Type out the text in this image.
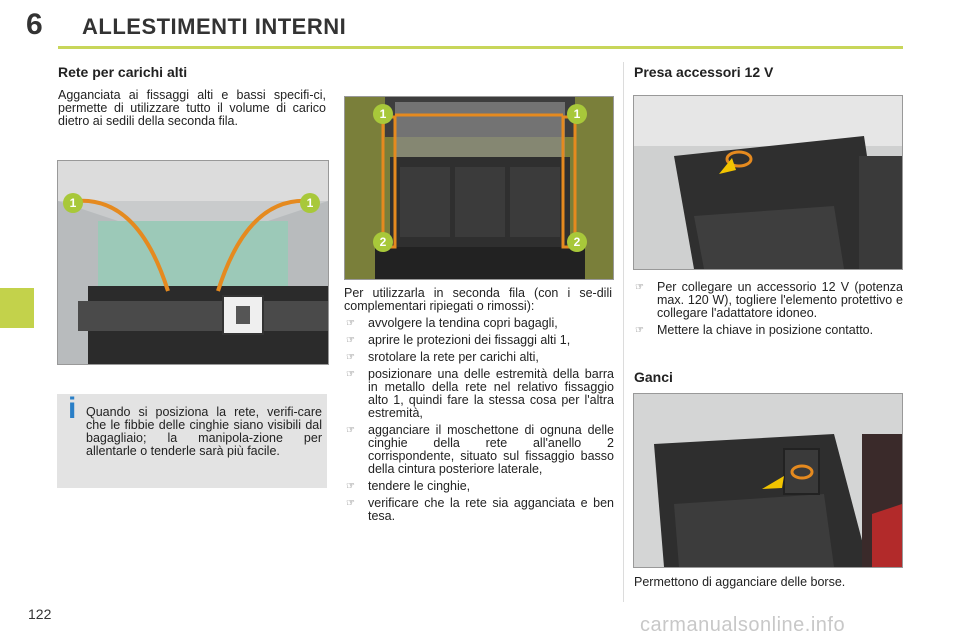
6 ALLESTIMENTI INTERNI
Rete per carichi alti

Agganciata ai fissaggi alti e bassi specifi-ci, permette di utilizzare tutto il volume di carico dietro ai sedili della seconda fila.

1	1
i Quando si posiziona la rete, verifi-care che le fibbie delle cinghie siano visibili dal bagagliaio; la manipola-zione per allentarle o tenderle sarà più facile.

1	1
2	2

Per utilizzarla in seconda fila (con i se-dili complementari ripiegati o rimossi):

☞ avvolgere la tendina copri bagagli,
☞ aprire le protezioni dei fissaggi alti 1,
☞ srotolare la rete per carichi alti,
☞ posizionare una delle estremità della barra in metallo della rete nel relativo fissaggio alto 1, quindi fare la stessa cosa per l'altra estremità,
☞ agganciare il moschettone di ognuna delle cinghie della rete all'anello 2 corrispondente, situato sul fissaggio basso della cintura posteriore laterale,
☞ tendere le cinghie,
☞ verificare che la rete sia agganciata e ben tesa.
Presa accessori 12 V
☞ Per collegare un accessorio 12 V (potenza max. 120 W), togliere l'elemento protettivo e collegare l'adattatore idoneo.
☞ Mettere la chiave in posizione contatto.
Ganci

Permettono di agganciare delle borse.

122	carmanualsonline.info
